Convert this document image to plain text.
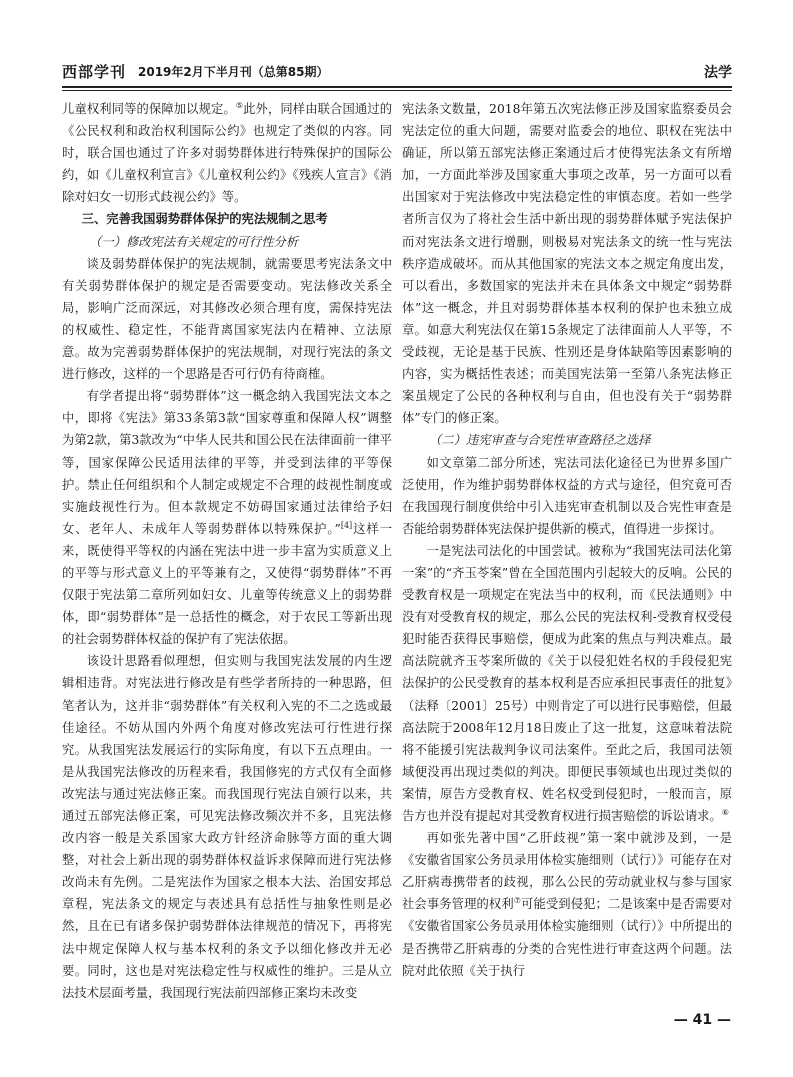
西部学刊 2019年2月下半月刊（总第85期）	法学

儿童权利同等的保障加以规定。⑤此外，同样由联合国通过的《公民权利和政治权利国际公约》也规定了类似的内容。同时，联合国也通过了许多对弱势群体进行特殊保护的国际公约，如《儿童权利宣言》《儿童权利公约》《残疾人宣言》《消除对妇女一切形式歧视公约》等。

三、完善我国弱势群体保护的宪法规制之思考

（一）修改宪法有关规定的可行性分析

谈及弱势群体保护的宪法规制，就需要思考宪法条文中有关弱势群体保护的规定是否需要变动。宪法修改关系全局，影响广泛而深远，对其修改必须合理有度，需保持宪法的权威性、稳定性，不能背离国家宪法内在精神、立法原意。故为完善弱势群体保护的宪法规制，对现行宪法的条文进行修改，这样的一个思路是否可行仍有待商榷。

有学者提出将“弱势群体”这一概念纳入我国宪法文本之中，即将《宪法》第33条第3款“国家尊重和保障人权”调整为第2款，第3款改为“中华人民共和国公民在法律面前一律平等，国家保障公民适用法律的平等，并受到法律的平等保护。禁止任何组织和个人制定或规定不合理的歧视性制度或实施歧视性行为。但本款规定不妨碍国家通过法律给予妇女、老年人、未成年人等弱势群体以特殊保护。”[4]这样一来，既使得平等权的内涵在宪法中进一步丰富为实质意义上的平等与形式意义上的平等兼有之，又使得“弱势群体”不再仅限于宪法第二章所列如妇女、儿童等传统意义上的弱势群体，即“弱势群体”是一总括性的概念，对于农民工等新出现的社会弱势群体权益的保护有了宪法依据。

该设计思路看似理想，但实则与我国宪法发展的内生逻辑相违背。对宪法进行修改是有些学者所持的一种思路，但笔者认为，这并非“弱势群体”有关权利入宪的不二之选或最佳途径。不妨从国内外两个角度对修改宪法可行性进行探究。从我国宪法发展运行的实际角度，有以下五点理由。一是从我国宪法修改的历程来看，我国修宪的方式仅有全面修改宪法与通过宪法修正案。而我国现行宪法自颁行以来，共通过五部宪法修正案，可见宪法修改频次并不多，且宪法修改内容一般是关系国家大政方针经济命脉等方面的重大调整，对社会上新出现的弱势群体权益诉求保障而进行宪法修改尚未有先例。二是宪法作为国家之根本大法、治国安邦总章程，宪法条文的规定与表述具有总括性与抽象性则是必然，且在已有诸多保护弱势群体法律规范的情况下，再将宪法中规定保障人权与基本权利的条文予以细化修改并无必要。同时，这也是对宪法稳定性与权威性的维护。三是从立法技术层面考量，我国现行宪法前四部修正案均未改变

宪法条文数量，2018年第五次宪法修正涉及国家监察委员会宪法定位的重大问题，需要对监委会的地位、职权在宪法中确证，所以第五部宪法修正案通过后才使得宪法条文有所增加，一方面此举涉及国家重大事项之改革，另一方面可以看出国家对于宪法修改中宪法稳定性的审慎态度。若如一些学者所言仅为了将社会生活中新出现的弱势群体赋予宪法保护而对宪法条文进行增删，则极易对宪法条文的统一性与宪法秩序造成破坏。而从其他国家的宪法文本之规定角度出发，可以看出，多数国家的宪法并未在具体条文中规定“弱势群体”这一概念，并且对弱势群体基本权利的保护也未独立成章。如意大利宪法仅在第15条规定了法律面前人人平等，不受歧视，无论是基于民族、性别还是身体缺陷等因素影响的内容，实为概括性表述；而美国宪法第一至第八条宪法修正案虽规定了公民的各种权利与自由，但也没有关于“弱势群体”专门的修正案。

（二）违宪审查与合宪性审查路径之选择

如文章第二部分所述，宪法司法化途径已为世界多国广泛使用，作为维护弱势群体权益的方式与途径，但究竟可否在我国现行制度供给中引入违宪审查机制以及合宪性审查是否能给弱势群体宪法保护提供新的模式，值得进一步探讨。

一是宪法司法化的中国尝试。被称为“我国宪法司法化第一案”的“齐玉苓案”曾在全国范围内引起较大的反响。公民的受教育权是一项规定在宪法当中的权利，而《民法通则》中没有对受教育权的规定，那么公民的宪法权利-受教育权受侵犯时能否获得民事赔偿，便成为此案的焦点与判决难点。最高法院就齐玉苓案所做的《关于以侵犯姓名权的手段侵犯宪法保护的公民受教育的基本权利是否应承担民事责任的批复》（法释〔2001〕25号）中则肯定了可以进行民事赔偿，但最高法院于2008年12月18日废止了这一批复，这意味着法院将不能援引宪法裁判争议司法案件。至此之后，我国司法领域便没再出现过类似的判决。即便民事领域也出现过类似的案情，原告方受教育权、姓名权受到侵犯时，一般而言，原告方也并没有提起对其受教育权进行损害赔偿的诉讼请求。⑥

再如张先著中国“乙肝歧视”第一案中就涉及到，一是《安徽省国家公务员录用体检实施细则（试行）》可能存在对乙肝病毒携带者的歧视，那么公民的劳动就业权与参与国家社会事务管理的权利⑦可能受到侵犯；二是该案中是否需要对《安徽省国家公务员录用体检实施细则（试行）》中所提出的是否携带乙肝病毒的分类的合宪性进行审查这两个问题。法院对此依照《关于执行

— 41 —
